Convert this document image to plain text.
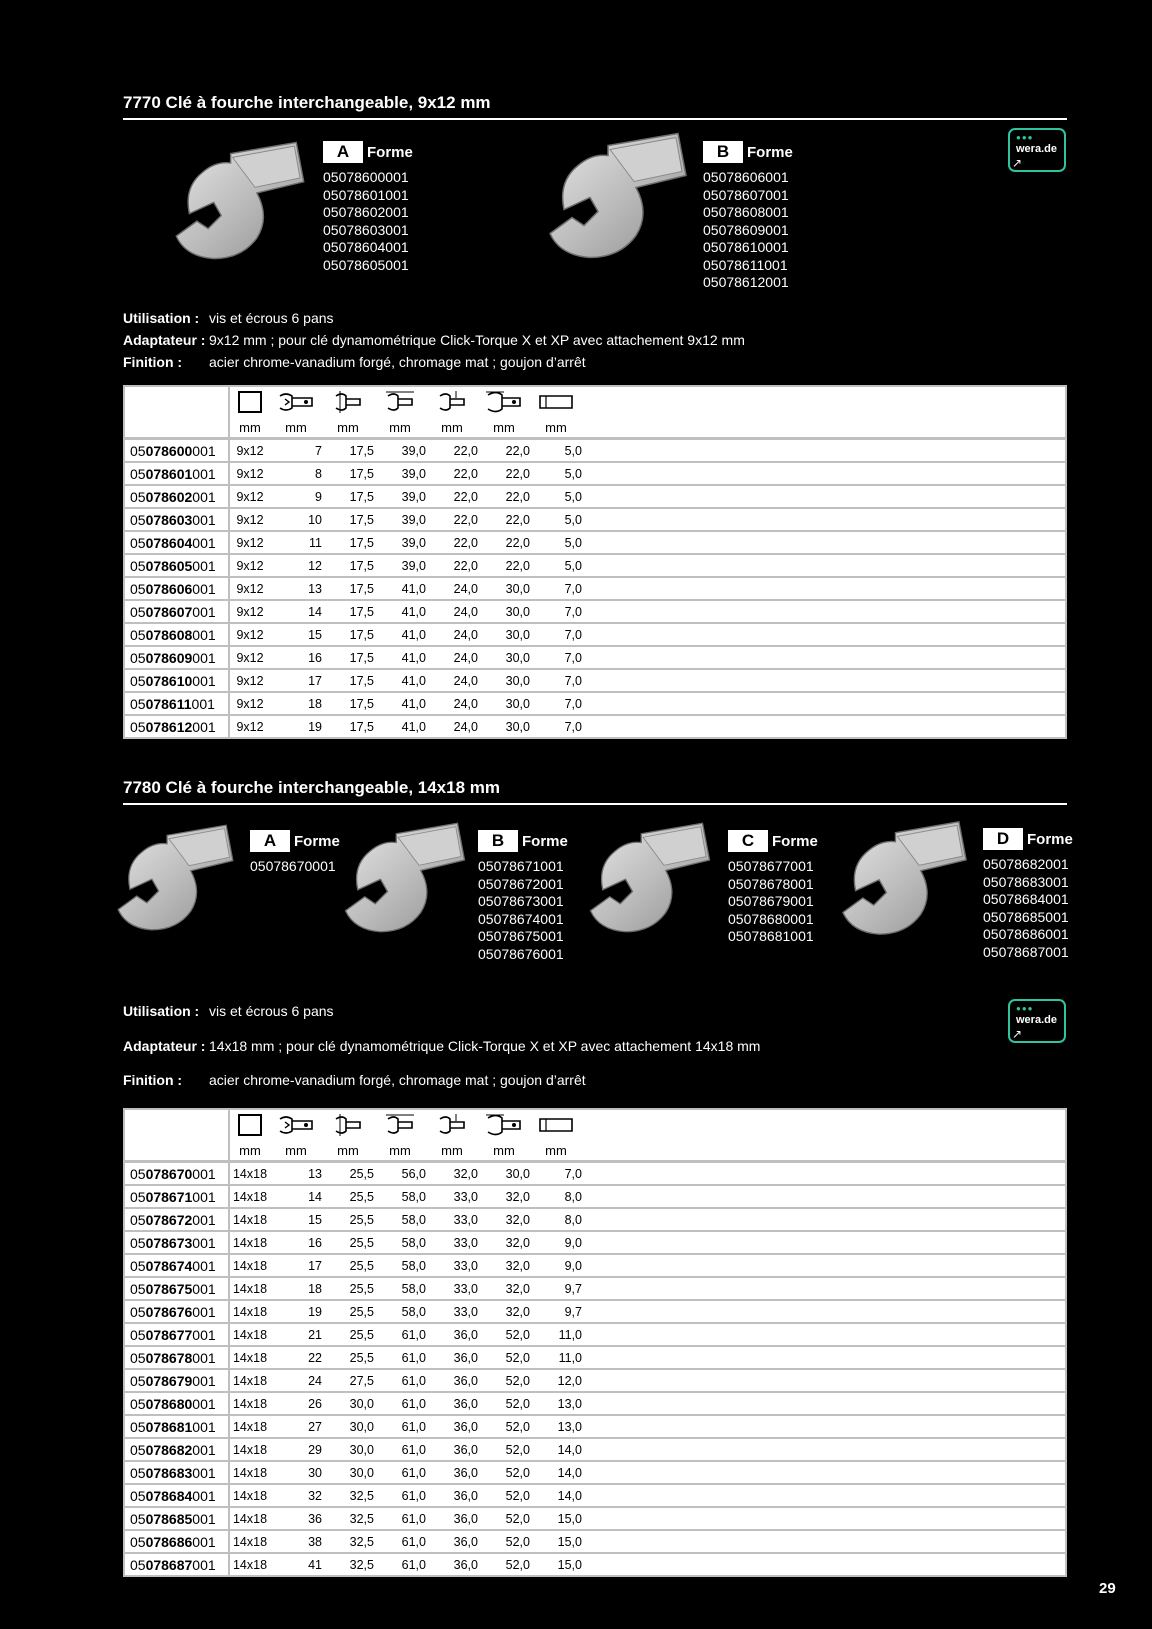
7770 Clé à fourche interchangeable, 9x12 mm
A Forme
05078600001
05078601001
05078602001
05078603001
05078604001
05078605001
B Forme
05078606001
05078607001
05078608001
05078609001
05078610001
05078611001
05078612001
●●●
wera.de
↗
Utilisation : vis et écrous 6 pans
Adaptateur : 9x12 mm ; pour clé dynamométrique Click-Torque X et XP avec attachement 9x12 mm
Finition : acier chrome-vanadium forgé, chromage mat ; goujon d’arrêt

	mm	mm	mm	mm	mm	mm	mm	

05078600001	9x12	7	17,5	39,0	22,0	22,0	5,0	
05078601001	9x12	8	17,5	39,0	22,0	22,0	5,0	
05078602001	9x12	9	17,5	39,0	22,0	22,0	5,0	
05078603001	9x12	10	17,5	39,0	22,0	22,0	5,0	
05078604001	9x12	11	17,5	39,0	22,0	22,0	5,0	
05078605001	9x12	12	17,5	39,0	22,0	22,0	5,0	
05078606001	9x12	13	17,5	41,0	24,0	30,0	7,0	
05078607001	9x12	14	17,5	41,0	24,0	30,0	7,0	
05078608001	9x12	15	17,5	41,0	24,0	30,0	7,0	
05078609001	9x12	16	17,5	41,0	24,0	30,0	7,0	
05078610001	9x12	17	17,5	41,0	24,0	30,0	7,0	
05078611001	9x12	18	17,5	41,0	24,0	30,0	7,0	
05078612001	9x12	19	17,5	41,0	24,0	30,0	7,0	
7780 Clé à fourche interchangeable, 14x18 mm
A Forme
05078670001
B Forme
05078671001
05078672001
05078673001
05078674001
05078675001
05078676001
C Forme
05078677001
05078678001
05078679001
05078680001
05078681001
D Forme
05078682001
05078683001
05078684001
05078685001
05078686001
05078687001
Utilisation : vis et écrous 6 pans
Adaptateur : 14x18 mm ; pour clé dynamométrique Click-Torque X et XP avec attachement 14x18 mm
Finition : acier chrome-vanadium forgé, chromage mat ; goujon d’arrêt
●●●
wera.de
↗

	mm	mm	mm	mm	mm	mm	mm	

05078670001	14x18	13	25,5	56,0	32,0	30,0	7,0	
05078671001	14x18	14	25,5	58,0	33,0	32,0	8,0	
05078672001	14x18	15	25,5	58,0	33,0	32,0	8,0	
05078673001	14x18	16	25,5	58,0	33,0	32,0	9,0	
05078674001	14x18	17	25,5	58,0	33,0	32,0	9,0	
05078675001	14x18	18	25,5	58,0	33,0	32,0	9,7	
05078676001	14x18	19	25,5	58,0	33,0	32,0	9,7	
05078677001	14x18	21	25,5	61,0	36,0	52,0	11,0	
05078678001	14x18	22	25,5	61,0	36,0	52,0	11,0	
05078679001	14x18	24	27,5	61,0	36,0	52,0	12,0	
05078680001	14x18	26	30,0	61,0	36,0	52,0	13,0	
05078681001	14x18	27	30,0	61,0	36,0	52,0	13,0	
05078682001	14x18	29	30,0	61,0	36,0	52,0	14,0	
05078683001	14x18	30	30,0	61,0	36,0	52,0	14,0	
05078684001	14x18	32	32,5	61,0	36,0	52,0	14,0	
05078685001	14x18	36	32,5	61,0	36,0	52,0	15,0	
05078686001	14x18	38	32,5	61,0	36,0	52,0	15,0	
05078687001	14x18	41	32,5	61,0	36,0	52,0	15,0	
29
